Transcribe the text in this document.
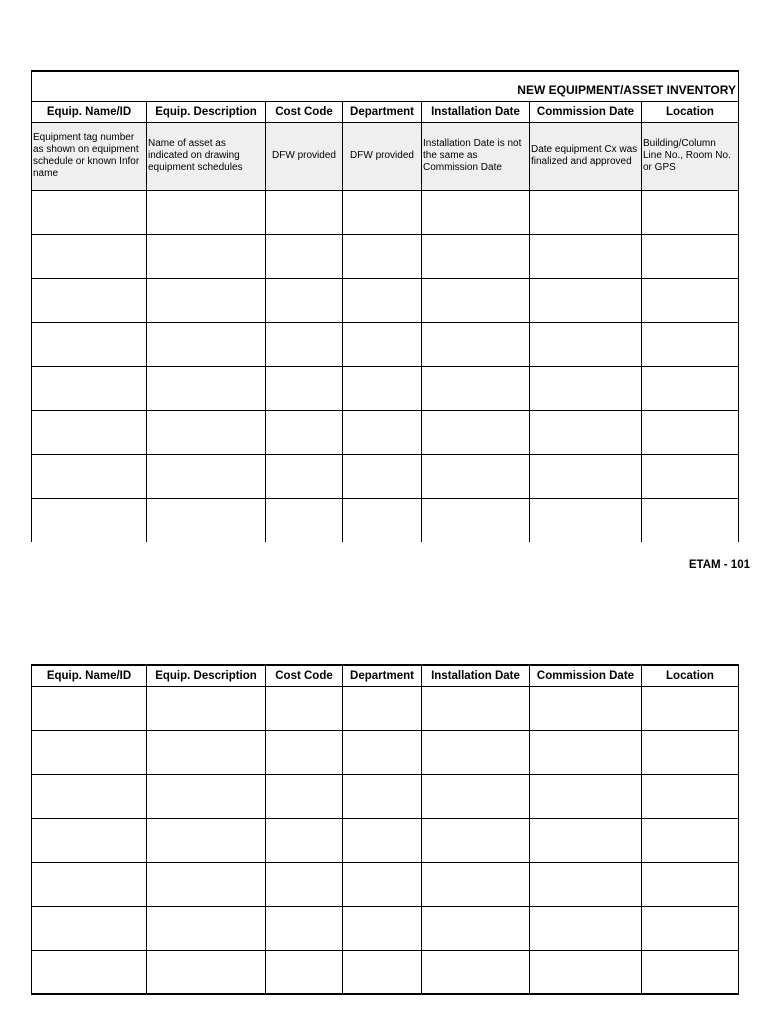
NEW EQUIPMENT/ASSET INVENTORY						
Equip. Name/ID	Equip. Description	Cost Code	Department	Installation Date	Commission Date	Location
Equipment tag number as shown on equipment schedule or known Infor name	Name of asset as indicated on drawing equipment schedules	DFW provided	DFW provided	Installation Date is not the same as Commission Date	Date equipment Cx was finalized and approved	Building/Column Line No., Room No. or GPS

ETAM - 101
Equip. Name/ID	Equip. Description	Cost Code	Department	Installation Date	Commission Date	Location
